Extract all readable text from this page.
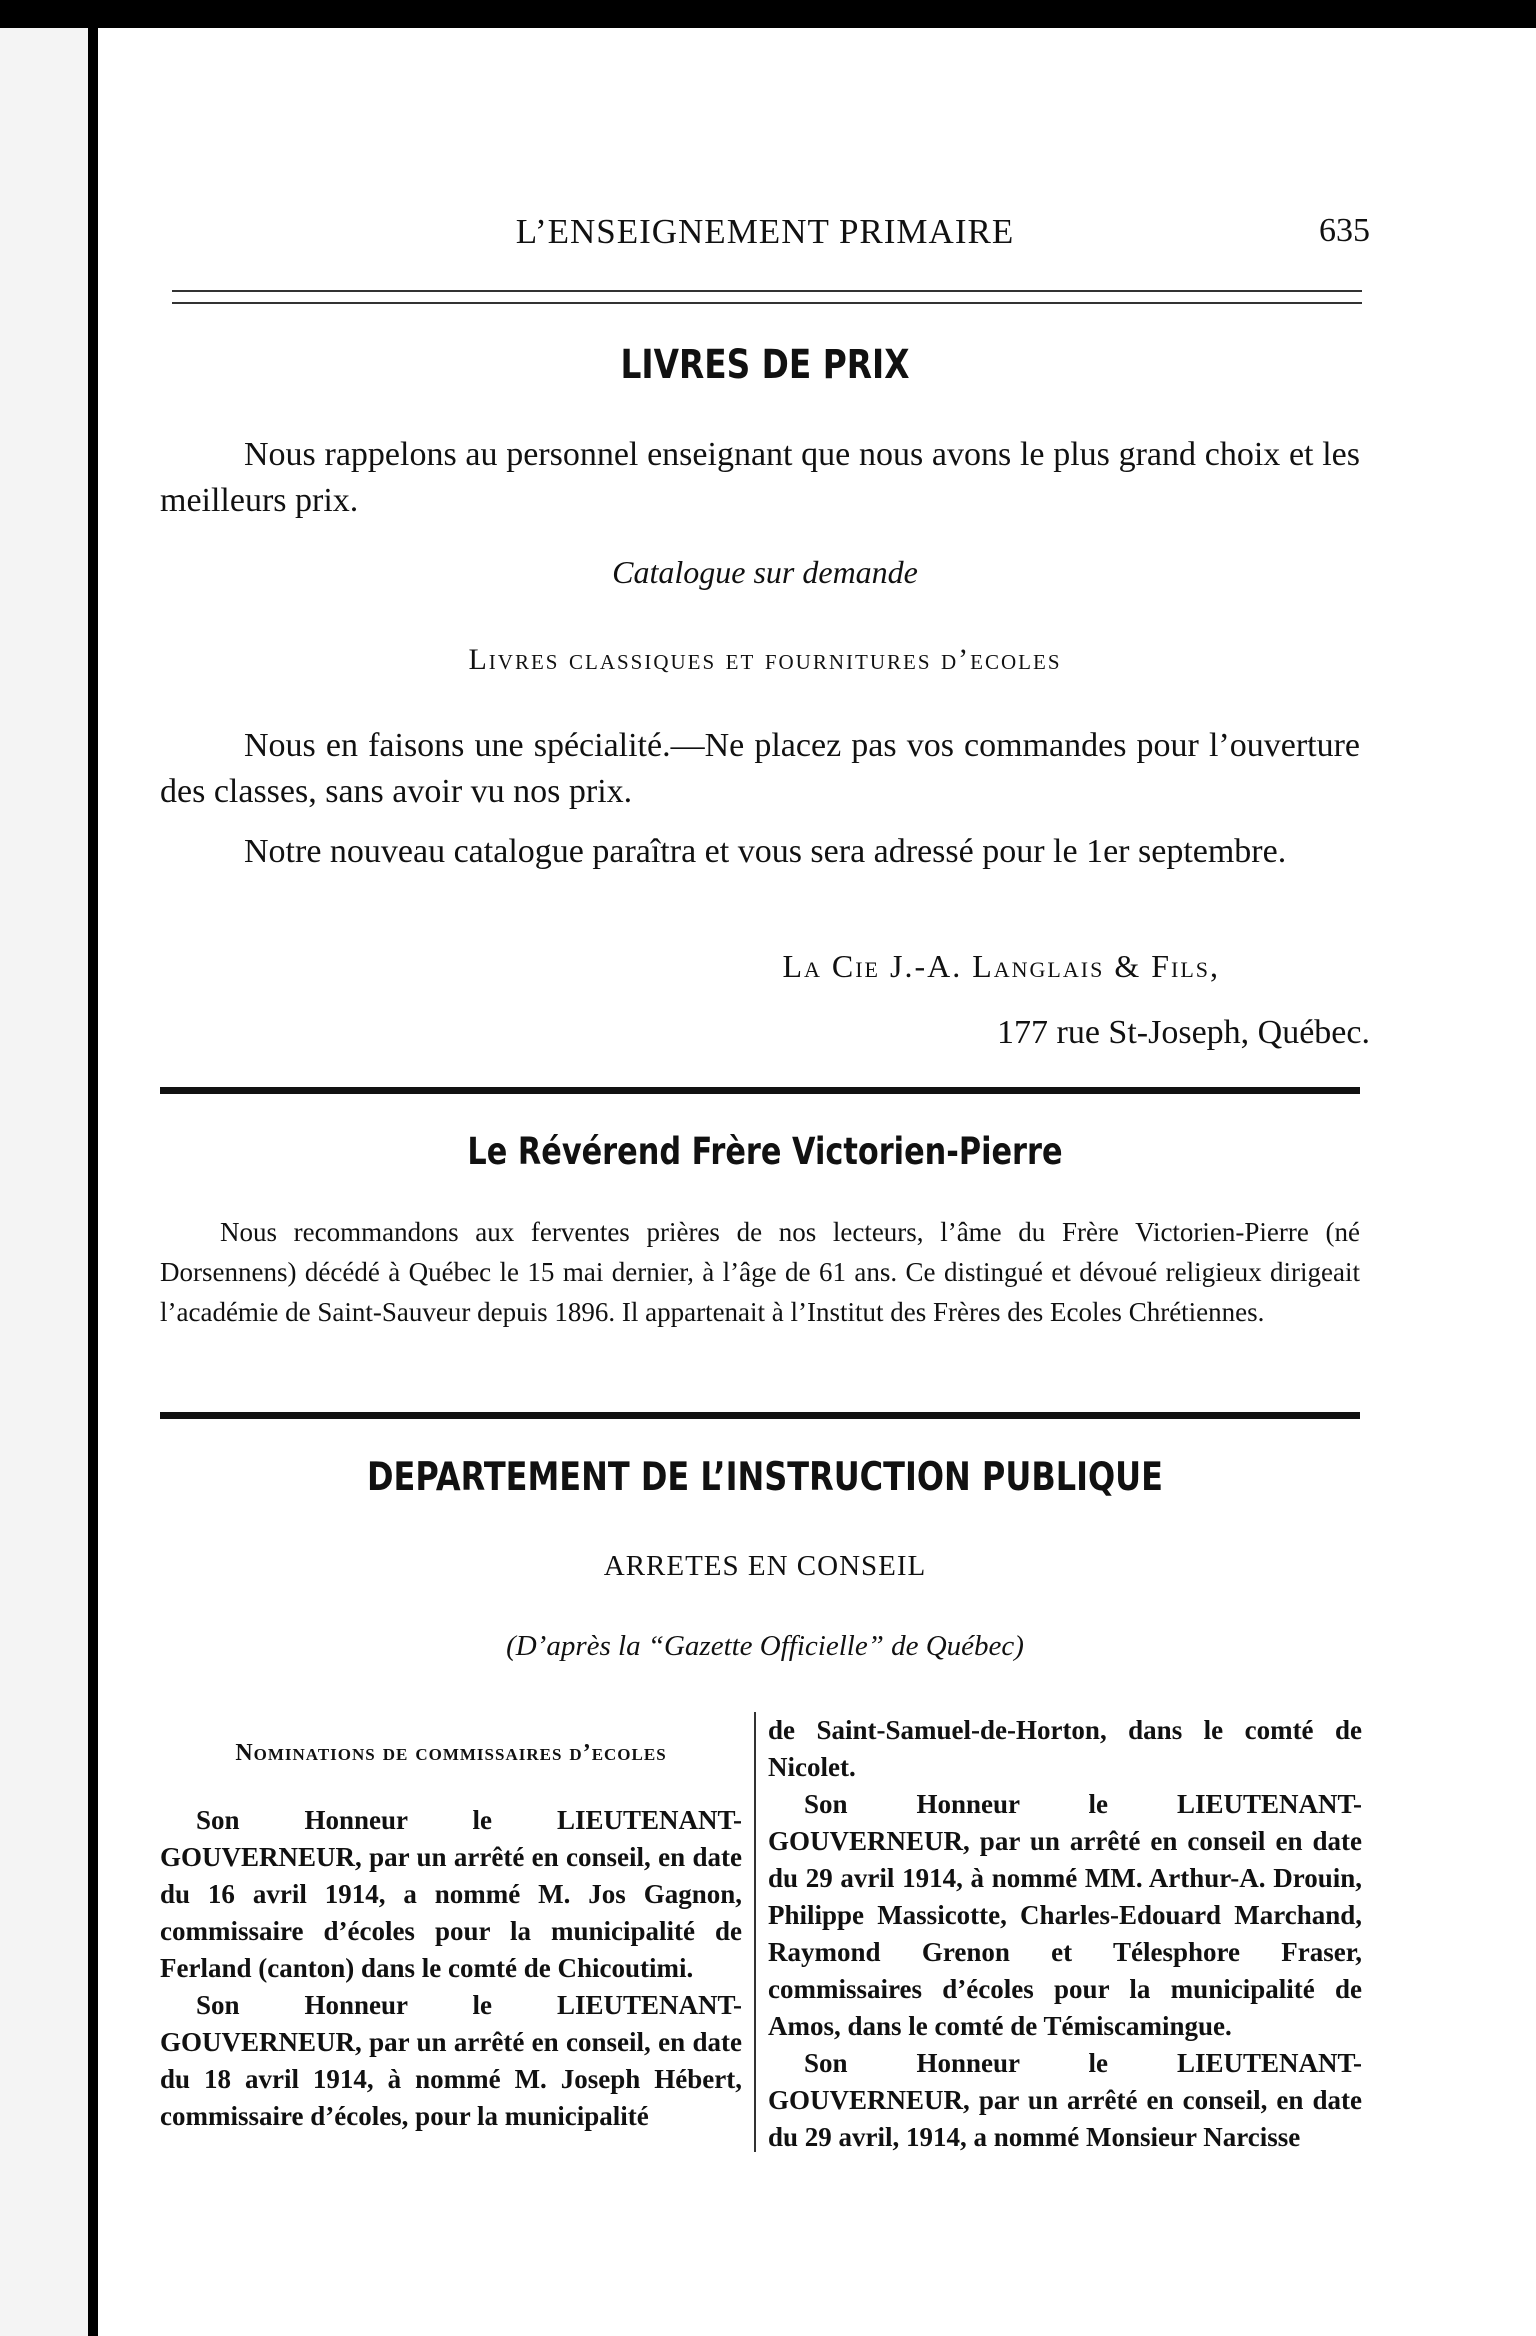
L’ENSEIGNEMENT PRIMAIRE	635
LIVRES DE PRIX
Nous rappelons au personnel enseignant que nous avons le plus grand choix et les meilleurs prix.
Catalogue sur demande
Livres classiques et fournitures d’ecoles
Nous en faisons une spécialité.—Ne placez pas vos commandes pour l’ouverture des classes, sans avoir vu nos prix.
Notre nouveau catalogue paraîtra et vous sera adressé pour le 1er septembre.
La Cie J.-A. Langlais & Fils,
177 rue St-Joseph, Québec.
Le Révérend Frère Victorien-Pierre
Nous recommandons aux ferventes prières de nos lecteurs, l’âme du Frère Victorien-Pierre (né Dorsennens) décédé à Québec le 15 mai dernier, à l’âge de 61 ans. Ce distingué et dévoué religieux dirigeait l’académie de Saint-Sauveur depuis 1896. Il appartenait à l’Institut des Frères des Ecoles Chrétiennes.
DEPARTEMENT DE L’INSTRUCTION PUBLIQUE
ARRETES EN CONSEIL
(D’après la “Gazette Officielle” de Québec)
Nominations de commissaires d’ecoles

Son Honneur le LIEUTENANT-GOUVERNEUR, par un arrêté en conseil, en date du 16 avril 1914, a nommé M. Jos Gagnon, commissaire d’écoles pour la municipalité de Ferland (canton) dans le comté de Chicoutimi.

Son Honneur le LIEUTENANT-GOUVERNEUR, par un arrêté en conseil, en date du 18 avril 1914, à nommé M. Joseph Hébert, commissaire d’écoles, pour la municipalité

de Saint-Samuel-de-Horton, dans le comté de Nicolet.

Son Honneur le LIEUTENANT-GOUVERNEUR, par un arrêté en conseil en date du 29 avril 1914, à nommé MM. Arthur-A. Drouin, Philippe Massicotte, Charles-Edouard Marchand, Raymond Grenon et Télesphore Fraser, commissaires d’écoles pour la municipalité de Amos, dans le comté de Témiscamingue.

Son Honneur le LIEUTENANT-GOUVERNEUR, par un arrêté en conseil, en date du 29 avril, 1914, a nommé Monsieur Narcisse
